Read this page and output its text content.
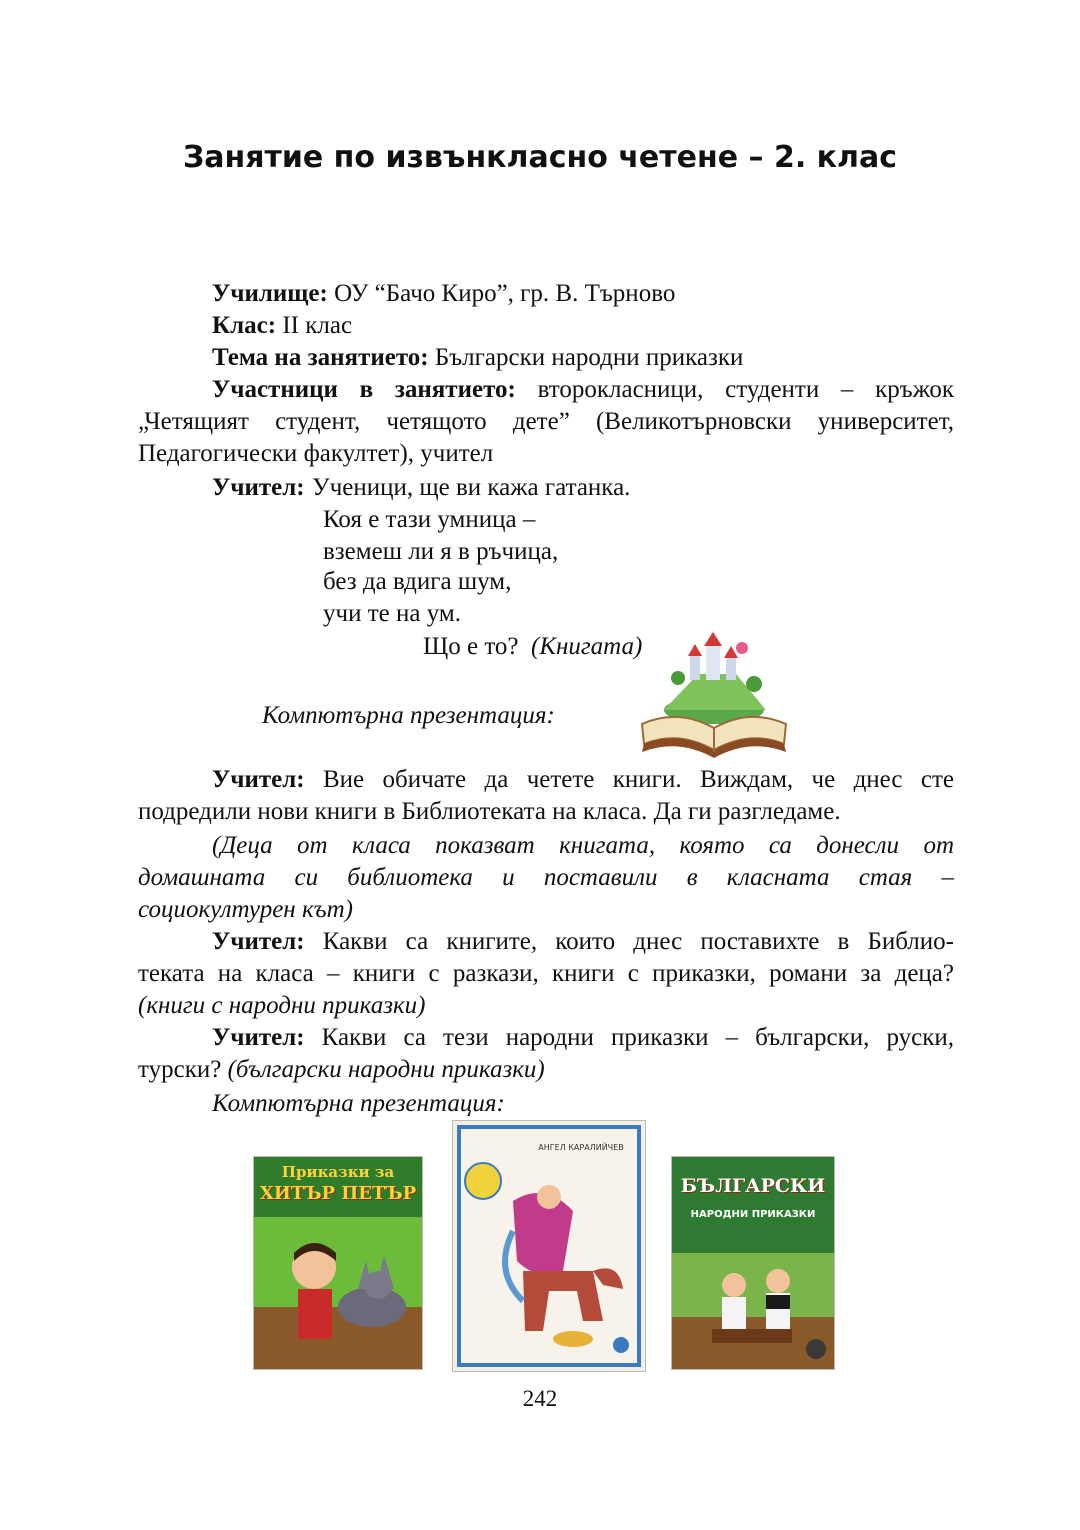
Занятие по извънкласно четене – 2. клас
Училище: ОУ “Бачо Киро”, гр. В. Търново
Клас: II клас
Тема на занятието: Български народни приказки
Участници в занятието: второкласници, студенти – кръжок
„Четящият студент, четящото дете” (Великотърновски университет,
Педагогически факултет), учител
Учител: Ученици, ще ви кажа гатанка.
Коя е тази умница –
вземеш ли я в ръчица,
без да вдига шум,
учи те на ум.
Що е то? (Книгата)
Компютърна презентация:
Учител: Вие обичате да четете книги. Виждам, че днес сте
подредили нови книги в Библиотеката на класа. Да ги разгледаме.
(Деца от класа показват книгата, която са донесли от
домашната си библиотека и поставили в класната стая –
социокултурен кът)
Учител: Какви са книгите, които днес поставихте в Библио-
теката на класа – книги с разкази, книги с приказки, романи за деца?
(книги с народни приказки)
Учител: Какви са тези народни приказки – български, руски,
турски? (български народни приказки)
Компютърна презентация:
Приказки за
ХИТЪР ПЕТЪР
АНГЕЛ КАРАЛИЙЧЕВ
БЪЛГАРСКИ
НАРОДНИ ПРИКАЗКИ
242
